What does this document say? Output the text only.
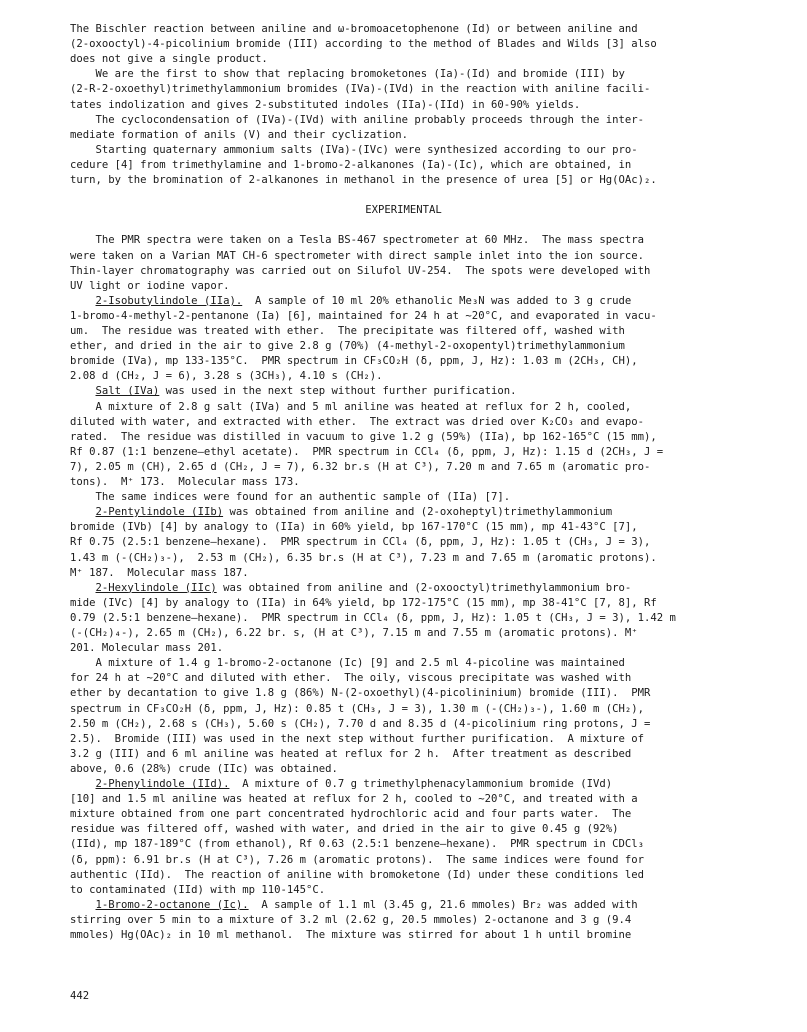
The Bischler reaction between aniline and ω-bromoacetophenone (Id) or between aniline and
(2-oxooctyl)-4-picolinium bromide (III) according to the method of Blades and Wilds [3] also
does not give a single product.
We are the first to show that replacing bromoketones (Ia)-(Id) and bromide (III) by
(2-R-2-oxoethyl)trimethylammonium bromides (IVa)-(IVd) in the reaction with aniline facili-
tates indolization and gives 2-substituted indoles (IIa)-(IId) in 60-90% yields.
The cyclocondensation of (IVa)-(IVd) with aniline probably proceeds through the inter-
mediate formation of anils (V) and their cyclization.
Starting quaternary ammonium salts (IVa)-(IVc) were synthesized according to our pro-
cedure [4] from trimethylamine and 1-bromo-2-alkanones (Ia)-(Ic), which are obtained, in
turn, by the bromination of 2-alkanones in methanol in the presence of urea [5] or Hg(OAc)₂.
EXPERIMENTAL
The PMR spectra were taken on a Tesla BS-467 spectrometer at 60 MHz.  The mass spectra
were taken on a Varian MAT CH-6 spectrometer with direct sample inlet into the ion source.
Thin-layer chromatography was carried out on Silufol UV-254.  The spots were developed with
UV light or iodine vapor.
2-Isobutylindole (IIa).  A sample of 10 ml 20% ethanolic Me₃N was added to 3 g crude
1-bromo-4-methyl-2-pentanone (Ia) [6], maintained for 24 h at ~20°C, and evaporated in vacu-
um.  The residue was treated with ether.  The precipitate was filtered off, washed with
ether, and dried in the air to give 2.8 g (70%) (4-methyl-2-oxopentyl)trimethylammonium
bromide (IVa), mp 133-135°C.  PMR spectrum in CF₃CO₂H (δ, ppm, J, Hz): 1.03 m (2CH₃, CH),
2.08 d (CH₂, J = 6), 3.28 s (3CH₃), 4.10 s (CH₂).
Salt (IVa) was used in the next step without further purification.
A mixture of 2.8 g salt (IVa) and 5 ml aniline was heated at reflux for 2 h, cooled,
diluted with water, and extracted with ether.  The extract was dried over K₂CO₃ and evapo-
rated.  The residue was distilled in vacuum to give 1.2 g (59%) (IIa), bp 162-165°C (15 mm),
Rf 0.87 (1:1 benzene—ethyl acetate).  PMR spectrum in CCl₄ (δ, ppm, J, Hz): 1.15 d (2CH₃, J =
7), 2.05 m (CH), 2.65 d (CH₂, J = 7), 6.32 br.s (H at C³), 7.20 m and 7.65 m (aromatic pro-
tons).  M⁺ 173.  Molecular mass 173.
The same indices were found for an authentic sample of (IIa) [7].
2-Pentylindole (IIb) was obtained from aniline and (2-oxoheptyl)trimethylammonium
bromide (IVb) [4] by analogy to (IIa) in 60% yield, bp 167-170°C (15 mm), mp 41-43°C [7],
Rf 0.75 (2.5:1 benzene—hexane).  PMR spectrum in CCl₄ (δ, ppm, J, Hz): 1.05 t (CH₃, J = 3),
1.43 m (-(CH₂)₃-),  2.53 m (CH₂), 6.35 br.s (H at C³), 7.23 m and 7.65 m (aromatic protons).
M⁺ 187.  Molecular mass 187.
2-Hexylindole (IIc) was obtained from aniline and (2-oxooctyl)trimethylammonium bro-
mide (IVc) [4] by analogy to (IIa) in 64% yield, bp 172-175°C (15 mm), mp 38-41°C [7, 8], Rf
0.79 (2.5:1 benzene—hexane).  PMR spectrum in CCl₄ (δ, ppm, J, Hz): 1.05 t (CH₃, J = 3), 1.42 m
(-(CH₂)₄-), 2.65 m (CH₂), 6.22 br. s, (H at C³), 7.15 m and 7.55 m (aromatic protons). M⁺
201. Molecular mass 201.
A mixture of 1.4 g 1-bromo-2-octanone (Ic) [9] and 2.5 ml 4-picoline was maintained
for 24 h at ~20°C and diluted with ether.  The oily, viscous precipitate was washed with
ether by decantation to give 1.8 g (86%) N-(2-oxoethyl)(4-picolininium) bromide (III).  PMR
spectrum in CF₃CO₂H (δ, ppm, J, Hz): 0.85 t (CH₃, J = 3), 1.30 m (-(CH₂)₃-), 1.60 m (CH₂),
2.50 m (CH₂), 2.68 s (CH₃), 5.60 s (CH₂), 7.70 d and 8.35 d (4-picolinium ring protons, J =
2.5).  Bromide (III) was used in the next step without further purification.  A mixture of
3.2 g (III) and 6 ml aniline was heated at reflux for 2 h.  After treatment as described
above, 0.6 (28%) crude (IIc) was obtained.
2-Phenylindole (IId).  A mixture of 0.7 g trimethylphenacylammonium bromide (IVd)
[10] and 1.5 ml aniline was heated at reflux for 2 h, cooled to ~20°C, and treated with a
mixture obtained from one part concentrated hydrochloric acid and four parts water.  The
residue was filtered off, washed with water, and dried in the air to give 0.45 g (92%)
(IId), mp 187-189°C (from ethanol), Rf 0.63 (2.5:1 benzene—hexane).  PMR spectrum in CDCl₃
(δ, ppm): 6.91 br.s (H at C³), 7.26 m (aromatic protons).  The same indices were found for
authentic (IId).  The reaction of aniline with bromoketone (Id) under these conditions led
to contaminated (IId) with mp 110-145°C.
1-Bromo-2-octanone (Ic).  A sample of 1.1 ml (3.45 g, 21.6 mmoles) Br₂ was added with
stirring over 5 min to a mixture of 3.2 ml (2.62 g, 20.5 mmoles) 2-octanone and 3 g (9.4
mmoles) Hg(OAc)₂ in 10 ml methanol.  The mixture was stirred for about 1 h until bromine
442
